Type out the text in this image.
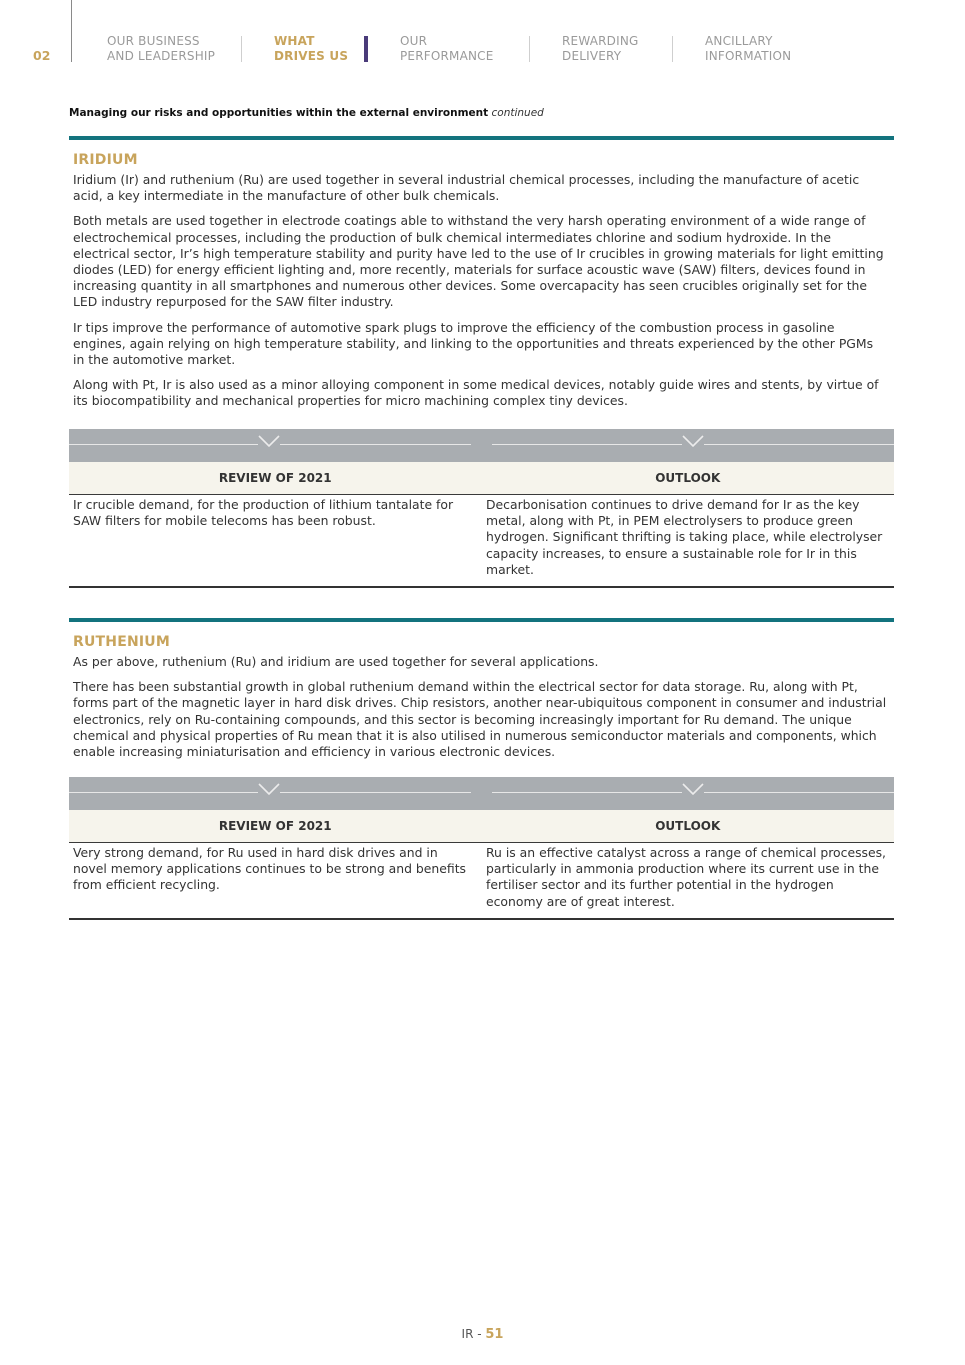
02
OUR BUSINESS
AND LEADERSHIP
WHAT
DRIVES US
OUR
PERFORMANCE
REWARDING
DELIVERY
ANCILLARY
INFORMATION
Managing our risks and opportunities within the external environment continued
IRIDIUM

Iridium (Ir) and ruthenium (Ru) are used together in several industrial chemical processes, including the manufacture of acetic acid, a key intermediate in the manufacture of other bulk chemicals.

Both metals are used together in electrode coatings able to withstand the very harsh operating environment of a wide range of electrochemical processes, including the production of bulk chemical intermediates chlorine and sodium hydroxide. In the electrical sector, Ir’s high temperature stability and purity have led to the use of Ir crucibles in growing materials for light emitting diodes (LED) for energy efficient lighting and, more recently, materials for surface acoustic wave (SAW) filters, devices found in increasing quantity in all smartphones and numerous other devices. Some overcapacity has seen crucibles originally set for the LED industry repurposed for the SAW filter industry.

Ir tips improve the performance of automotive spark plugs to improve the efficiency of the combustion process in gasoline engines, again relying on high temperature stability, and linking to the opportunities and threats experienced by the other PGMs in the automotive market.

Along with Pt, Ir is also used as a minor alloying component in some medical devices, notably guide wires and stents, by virtue of its biocompatibility and mechanical properties for micro machining complex tiny devices.

REVIEW OF 2021	OUTLOOK
Ir crucible demand, for the production of lithium tantalate for SAW filters for mobile telecoms has been robust.
Decarbonisation continues to drive demand for Ir as the key metal, along with Pt, in PEM electrolysers to produce green hydrogen. Significant thrifting is taking place, while electrolyser capacity increases, to ensure a sustainable role for Ir in this market.
RUTHENIUM

As per above, ruthenium (Ru) and iridium are used together for several applications.

There has been substantial growth in global ruthenium demand within the electrical sector for data storage. Ru, along with Pt, forms part of the magnetic layer in hard disk drives. Chip resistors, another near-ubiquitous component in consumer and industrial electronics, rely on Ru-containing compounds, and this sector is becoming increasingly important for Ru demand. The unique chemical and physical properties of Ru mean that it is also utilised in numerous semiconductor materials and components, which enable increasing miniaturisation and efficiency in various electronic devices.

REVIEW OF 2021	OUTLOOK
Very strong demand, for Ru used in hard disk drives and in novel memory applications continues to be strong and benefits from efficient recycling.
Ru is an effective catalyst across a range of chemical processes, particularly in ammonia production where its current use in the fertiliser sector and its further potential in the hydrogen economy are of great interest.
IR - 51
